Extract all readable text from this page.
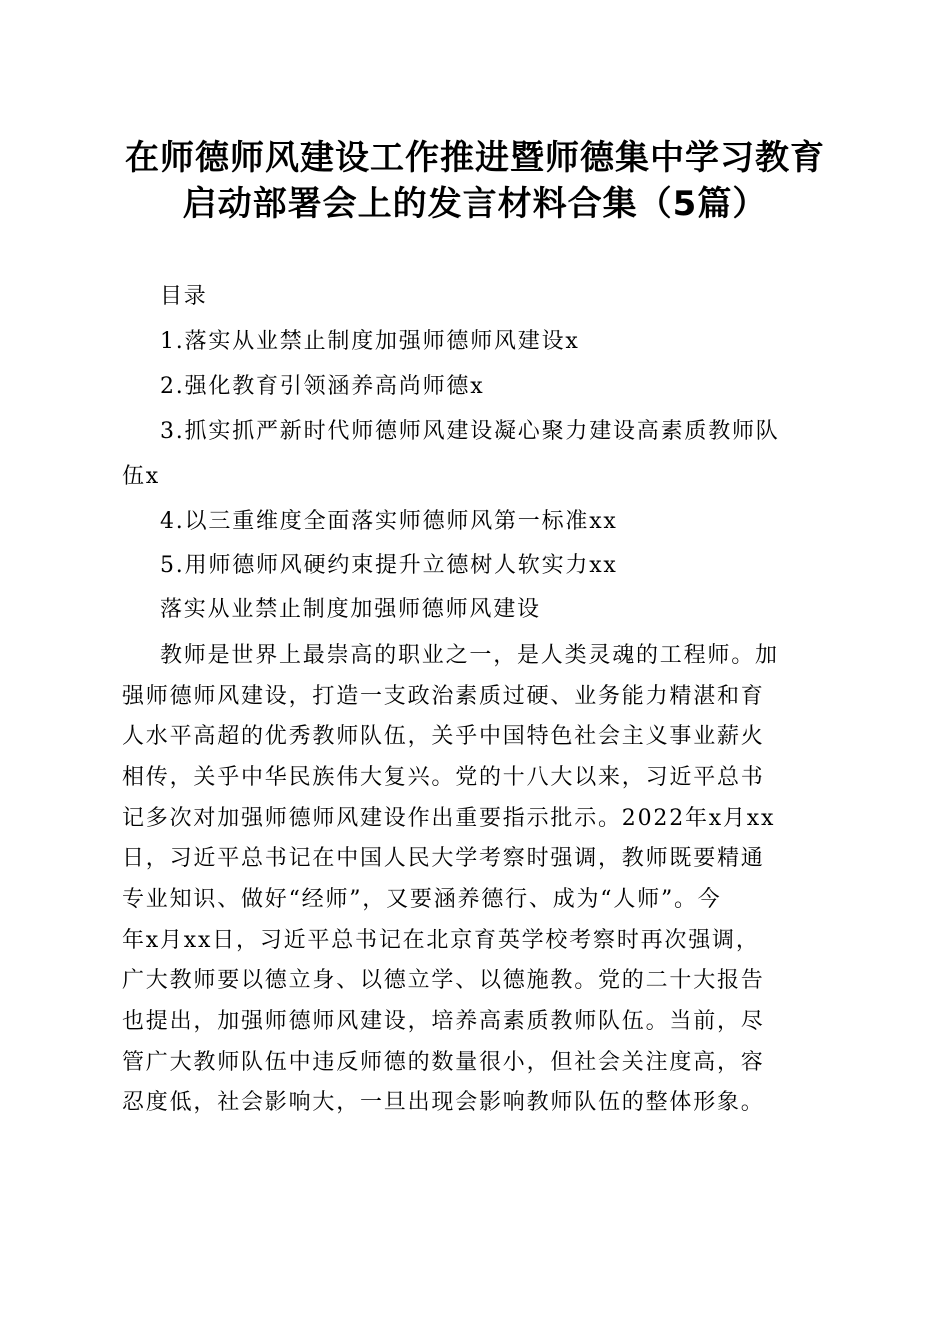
在师德师风建设工作推进暨师德集中学习教育
启动部署会上的发言材料合集（5篇）
目录
1.落实从业禁止制度加强师德师风建设x
2.强化教育引领涵养高尚师德x
3.抓实抓严新时代师德师风建设凝心聚力建设高素质教师队
伍x
4.以三重维度全面落实师德师风第一标准xx
5.用师德师风硬约束提升立德树人软实力xx
落实从业禁止制度加强师德师风建设
教师是世界上最崇高的职业之一，是人类灵魂的工程师。加
强师德师风建设，打造一支政治素质过硬、业务能力精湛和育
人水平高超的优秀教师队伍，关乎中国特色社会主义事业薪火
相传，关乎中华民族伟大复兴。党的十八大以来，习近平总书
记多次对加强师德师风建设作出重要指示批示。2022年x月xx
日，习近平总书记在中国人民大学考察时强调，教师既要精通
专业知识、做好“经师”，又要涵养德行、成为“人师”。今
年x月xx日，习近平总书记在北京育英学校考察时再次强调，
广大教师要以德立身、以德立学、以德施教。党的二十大报告
也提出，加强师德师风建设，培养高素质教师队伍。当前，尽
管广大教师队伍中违反师德的数量很小，但社会关注度高，容
忍度低，社会影响大，一旦出现会影响教师队伍的整体形象。
